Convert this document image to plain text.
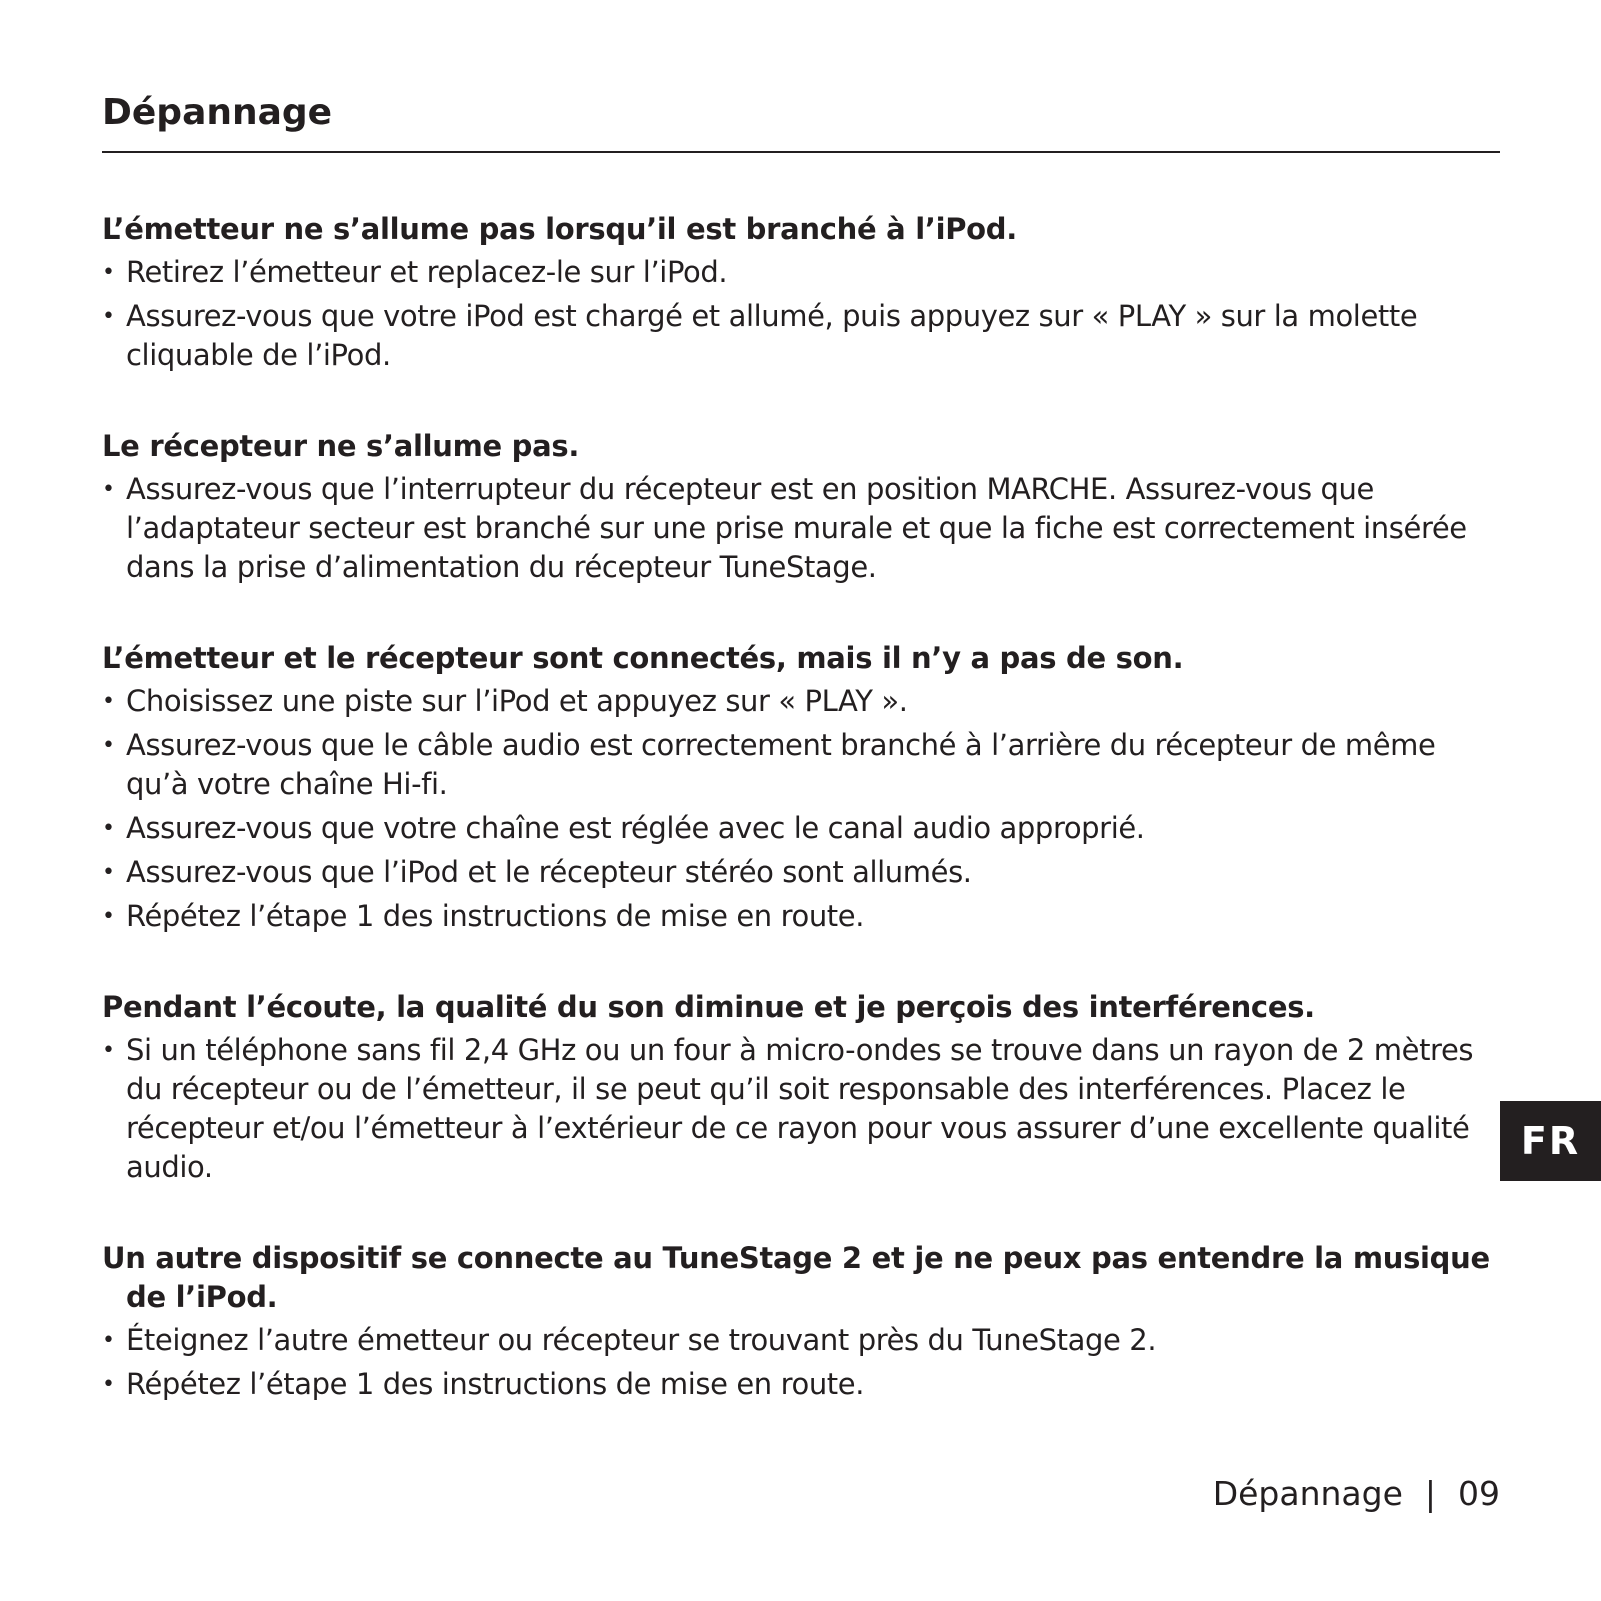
Dépannage

L’émetteur ne s’allume pas lorsqu’il est branché à l’iPod.

• Retirez l’émetteur et replacez-le sur l’iPod.
• Assurez-vous que votre iPod est chargé et allumé, puis appuyez sur « PLAY » sur la molette cliquable de l’iPod.

Le récepteur ne s’allume pas.

• Assurez-vous que l’interrupteur du récepteur est en position MARCHE. Assurez-vous que l’adaptateur secteur est branché sur une prise murale et que la fiche est correctement insérée dans la prise d’alimentation du récepteur TuneStage.

L’émetteur et le récepteur sont connectés, mais il n’y a pas de son.

• Choisissez une piste sur l’iPod et appuyez sur « PLAY ».
• Assurez-vous que le câble audio est correctement branché à l’arrière du récepteur de même qu’à votre chaîne Hi-fi.
• Assurez-vous que votre chaîne est réglée avec le canal audio approprié.
• Assurez-vous que l’iPod et le récepteur stéréo sont allumés.
• Répétez l’étape 1 des instructions de mise en route.

Pendant l’écoute, la qualité du son diminue et je perçois des interférences.

• Si un téléphone sans fil 2,4 GHz ou un four à micro-ondes se trouve dans un rayon de 2 mètres du récepteur ou de l’émetteur, il se peut qu’il soit responsable des interférences. Placez le récepteur et/ou l’émetteur à l’extérieur de ce rayon pour vous assurer d’une excellente qualité audio.

Un autre dispositif se connecte au TuneStage 2 et je ne peux pas entendre la musique de l’iPod.

• Éteignez l’autre émetteur ou récepteur se trouvant près du TuneStage 2.
• Répétez l’étape 1 des instructions de mise en route.
FR
Dépannage | 09
